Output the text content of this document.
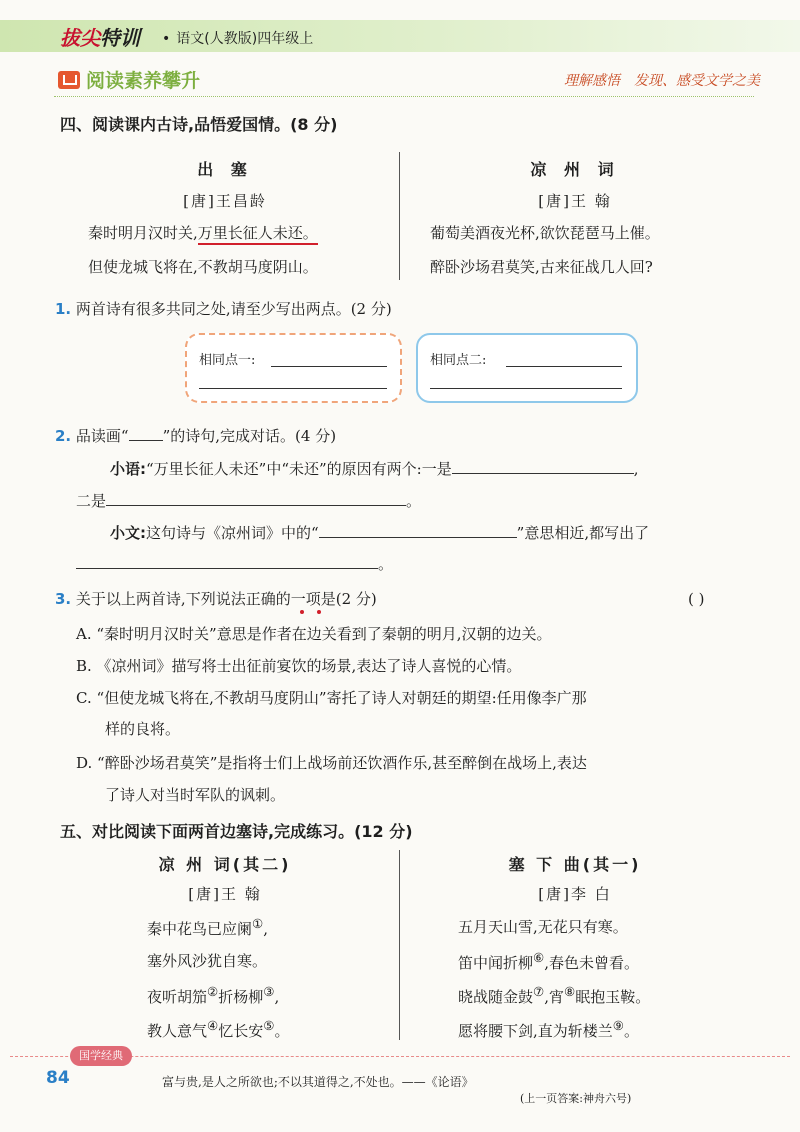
拔尖特训 • 语文(人教版)四年级上
阅读素养攀升	理解感悟 发现、感受文学之美
四、阅读课内古诗,品悟爱国情。(8 分)
出 塞
[唐]王昌龄
秦时明月汉时关,万里长征人未还。
但使龙城飞将在,不教胡马度阴山。
凉 州 词
[唐]王 翰
葡萄美酒夜光杯,欲饮琵琶马上催。
醉卧沙场君莫笑,古来征战几人回?
1. 两首诗有很多共同之处,请至少写出两点。(2 分)
相同点一:	相同点二:
2. 品读画“ ”的诗句,完成对话。(4 分)
小语:“万里长征人未还”中“未还”的原因有两个:一是	,
二是	。
小文:这句诗与《凉州词》中的“	”意思相近,都写出了
。
3. 关于以上两首诗,下列说法正确的一项是(2 分)	( )
A. “秦时明月汉时关”意思是作者在边关看到了秦朝的明月,汉朝的边关。
B. 《凉州词》描写将士出征前宴饮的场景,表达了诗人喜悦的心情。
C. “但使龙城飞将在,不教胡马度阴山”寄托了诗人对朝廷的期望:任用像李广那
样的良将。
D. “醉卧沙场君莫笑”是指将士们上战场前还饮酒作乐,甚至醉倒在战场上,表达
了诗人对当时军队的讽刺。
五、对比阅读下面两首边塞诗,完成练习。(12 分)
凉 州 词(其二)
[唐]王 翰
秦中花鸟已应阑①,
塞外风沙犹自寒。
夜听胡笳②折杨柳③,
教人意气④忆长安⑤。
塞 下 曲(其一)
[唐]李 白
五月天山雪,无花只有寒。
笛中闻折柳⑥,春色未曾看。
晓战随金鼓⑦,宵⑧眠抱玉鞍。
愿将腰下剑,直为斩楼兰⑨。
国学经典
84	富与贵,是人之所欲也;不以其道得之,不处也。——《论语》
(上一页答案:神舟六号)
